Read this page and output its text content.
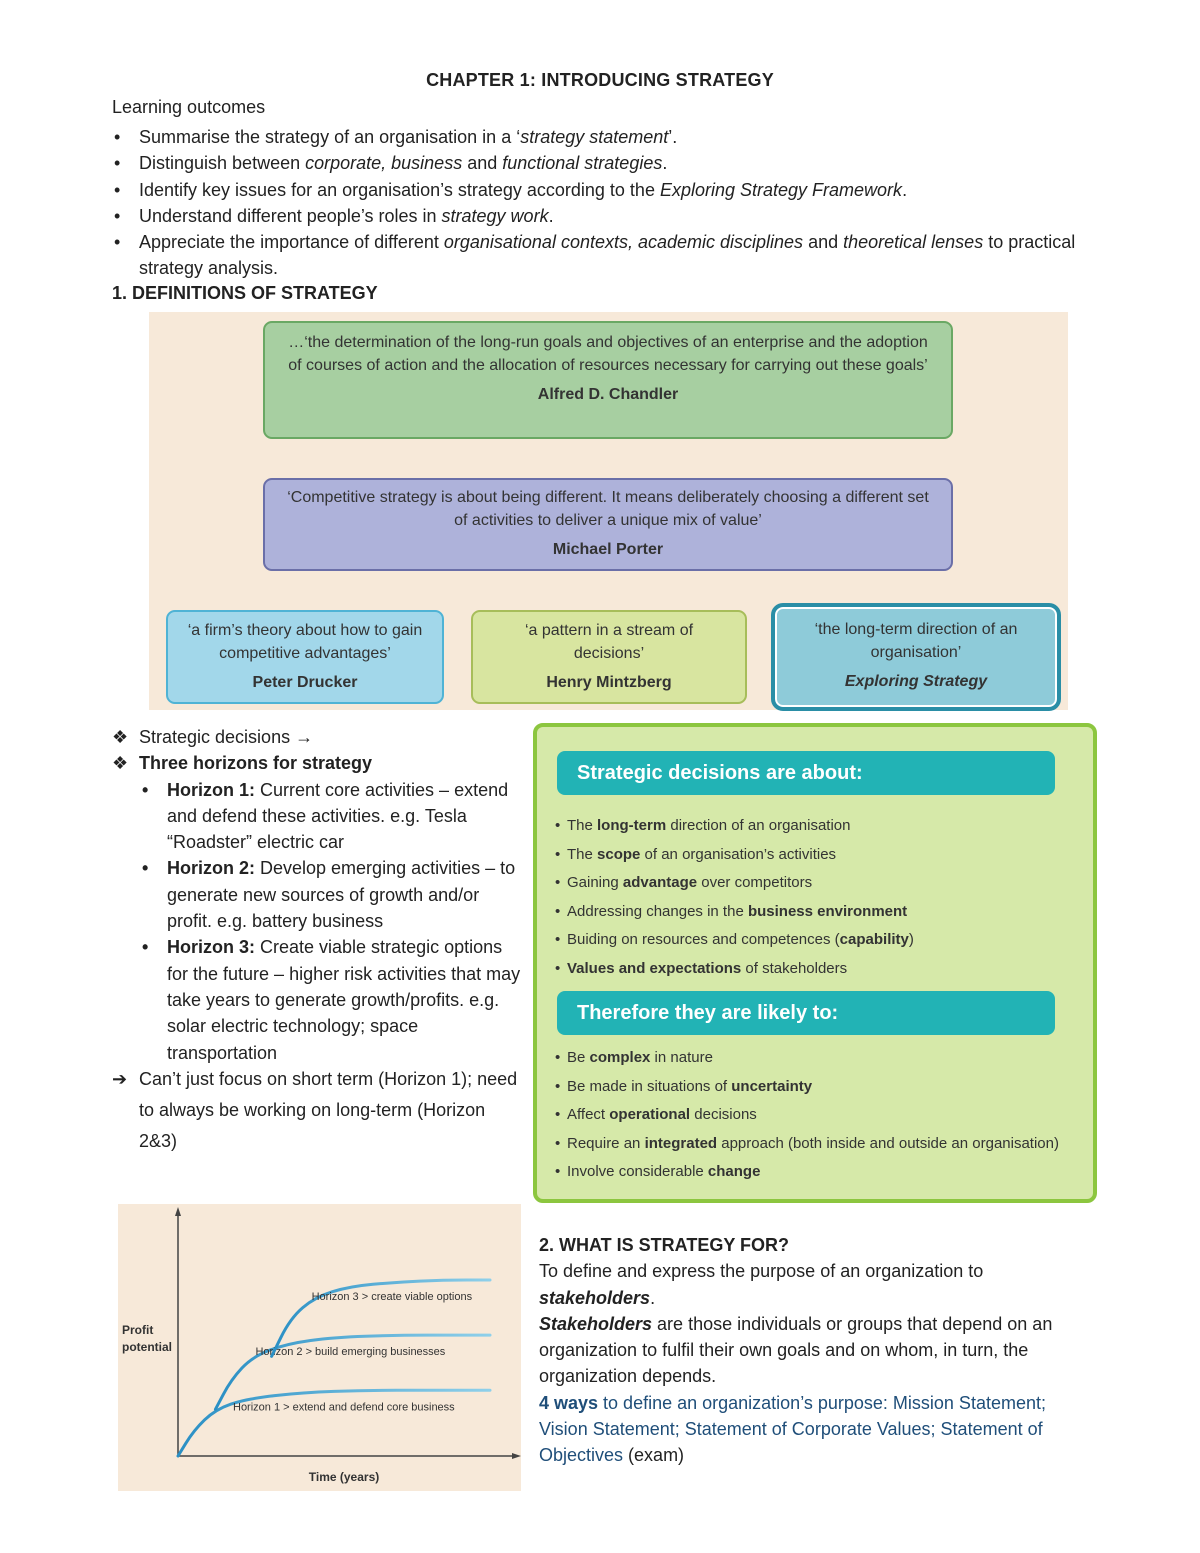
CHAPTER 1: INTRODUCING STRATEGY
Learning outcomes
• Summarise the strategy of an organisation in a ‘strategy statement’.
• Distinguish between corporate, business and functional strategies.
• Identify key issues for an organisation’s strategy according to the Exploring Strategy Framework.
• Understand different people’s roles in strategy work.
• Appreciate the importance of different organisational contexts, academic disciplines and theoretical lenses to practical strategy analysis.
1. DEFINITIONS OF STRATEGY
…‘the determination of the long-run goals and objectives of an enterprise and the adoption of courses of action and the allocation of resources necessary for carrying out these goals’
Alfred D. Chandler
‘Competitive strategy is about being different. It means deliberately choosing a different set of activities to deliver a unique mix of value’
Michael Porter
‘a firm’s theory about how to gain competitive advantages’
Peter Drucker
‘a pattern in a stream of decisions’
Henry Mintzberg
‘the long-term direction of an organisation’
Exploring Strategy
❖ Strategic decisions →
❖ Three horizons for strategy
• Horizon 1: Current core activities – extend and defend these activities. e.g. Tesla “Roadster” electric car
• Horizon 2: Develop emerging activities – to generate new sources of growth and/or profit. e.g. battery business
• Horizon 3: Create viable strategic options for the future – higher risk activities that may take years to generate growth/profits. e.g. solar electric technology; space transportation
➔ Can’t just focus on short term (Horizon 1); need to always be working on long-term (Horizon 2&3)
Strategic decisions are about:
• The long-term direction of an organisation
• The scope of an organisation’s activities
• Gaining advantage over competitors
• Addressing changes in the business environment
• Buiding on resources and competences (capability)
• Values and expectations of stakeholders
Therefore they are likely to:
• Be complex in nature
• Be made in situations of uncertainty
• Affect operational decisions
• Require an integrated approach (both inside and outside an organisation)
• Involve considerable change
Horizon 1 > extend and defend core business
Horizon 2 > build emerging businesses
Horizon 3 > create viable options
Profit
potential
Time (years)
2. WHAT IS STRATEGY FOR?
To define and express the purpose of an organization to stakeholders.
Stakeholders are those individuals or groups that depend on an organization to fulfil their own goals and on whom, in turn, the organization depends.
4 ways to define an organization’s purpose: Mission Statement; Vision Statement; Statement of Corporate Values; Statement of Objectives (exam)
